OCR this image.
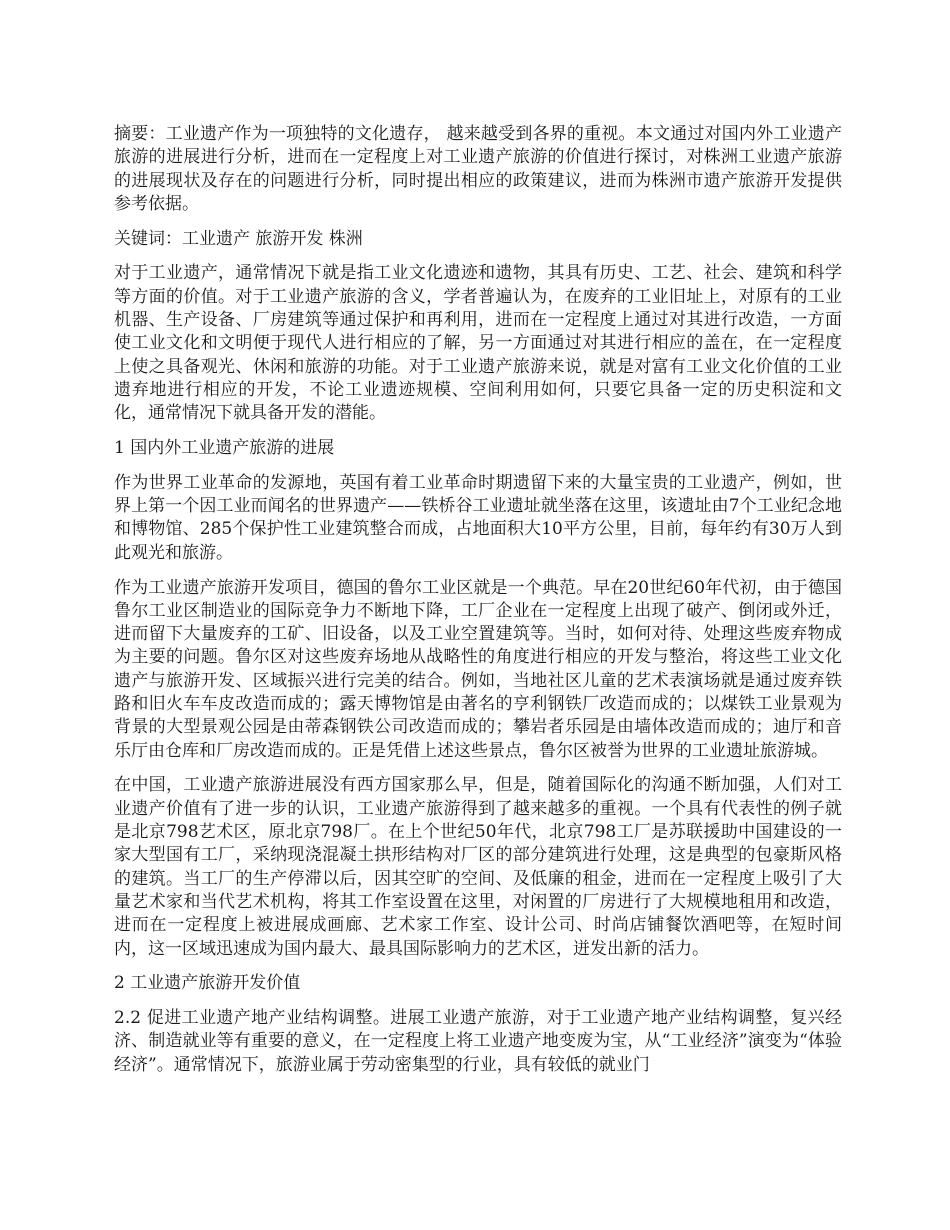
摘要：工业遗产作为一项独特的文化遗存， 越来越受到各界的重视。本文通过对国内外工业遗产旅游的进展进行分析，进而在一定程度上对工业遗产旅游的价值进行探讨，对株洲工业遗产旅游的进展现状及存在的问题进行分析，同时提出相应的政策建议，进而为株洲市遗产旅游开发提供参考依据。

关键词：工业遗产 旅游开发 株洲

对于工业遗产，通常情况下就是指工业文化遗迹和遗物，其具有历史、工艺、社会、建筑和科学等方面的价值。对于工业遗产旅游的含义，学者普遍认为，在废弃的工业旧址上，对原有的工业机器、生产设备、厂房建筑等通过保护和再利用，进而在一定程度上通过对其进行改造，一方面使工业文化和文明便于现代人进行相应的了解，另一方面通过对其进行相应的盖在，在一定程度上使之具备观光、休闲和旅游的功能。对于工业遗产旅游来说，就是对富有工业文化价值的工业遗弃地进行相应的开发，不论工业遗迹规模、空间利用如何，只要它具备一定的历史积淀和文化，通常情况下就具备开发的潜能。

1 国内外工业遗产旅游的进展

作为世界工业革命的发源地，英国有着工业革命时期遗留下来的大量宝贵的工业遗产，例如，世界上第一个因工业而闻名的世界遗产——铁桥谷工业遗址就坐落在这里，该遗址由7个工业纪念地和博物馆、285个保护性工业建筑整合而成，占地面积大10平方公里，目前，每年约有30万人到此观光和旅游。

作为工业遗产旅游开发项目，德国的鲁尔工业区就是一个典范。早在20世纪60年代初，由于德国鲁尔工业区制造业的国际竞争力不断地下降，工厂企业在一定程度上出现了破产、倒闭或外迁，进而留下大量废弃的工矿、旧设备，以及工业空置建筑等。当时，如何对待、处理这些废弃物成为主要的问题。鲁尔区对这些废弃场地从战略性的角度进行相应的开发与整治，将这些工业文化遗产与旅游开发、区域振兴进行完美的结合。例如，当地社区儿童的艺术表演场就是通过废弃铁路和旧火车车皮改造而成的；露天博物馆是由著名的亨利钢铁厂改造而成的；以煤铁工业景观为背景的大型景观公园是由蒂森钢铁公司改造而成的；攀岩者乐园是由墙体改造而成的；迪厅和音乐厅由仓库和厂房改造而成的。正是凭借上述这些景点，鲁尔区被誉为世界的工业遗址旅游城。

在中国，工业遗产旅游进展没有西方国家那么早，但是，随着国际化的沟通不断加强，人们对工业遗产价值有了进一步的认识，工业遗产旅游得到了越来越多的重视。一个具有代表性的例子就是北京798艺术区，原北京798厂。在上个世纪50年代，北京798工厂是苏联援助中国建设的一家大型国有工厂，采纳现浇混凝土拱形结构对厂区的部分建筑进行处理，这是典型的包豪斯风格的建筑。当工厂的生产停滞以后，因其空旷的空间、及低廉的租金，进而在一定程度上吸引了大量艺术家和当代艺术机构，将其工作室设置在这里，对闲置的厂房进行了大规模地租用和改造，进而在一定程度上被进展成画廊、艺术家工作室、设计公司、时尚店铺餐饮酒吧等，在短时间内，这一区域迅速成为国内最大、最具国际影响力的艺术区，迸发出新的活力。

2 工业遗产旅游开发价值

2.2 促进工业遗产地产业结构调整。进展工业遗产旅游，对于工业遗产地产业结构调整，复兴经济、制造就业等有重要的意义，在一定程度上将工业遗产地变废为宝，从“工业经济”演变为“体验经济”。通常情况下，旅游业属于劳动密集型的行业，具有较低的就业门
